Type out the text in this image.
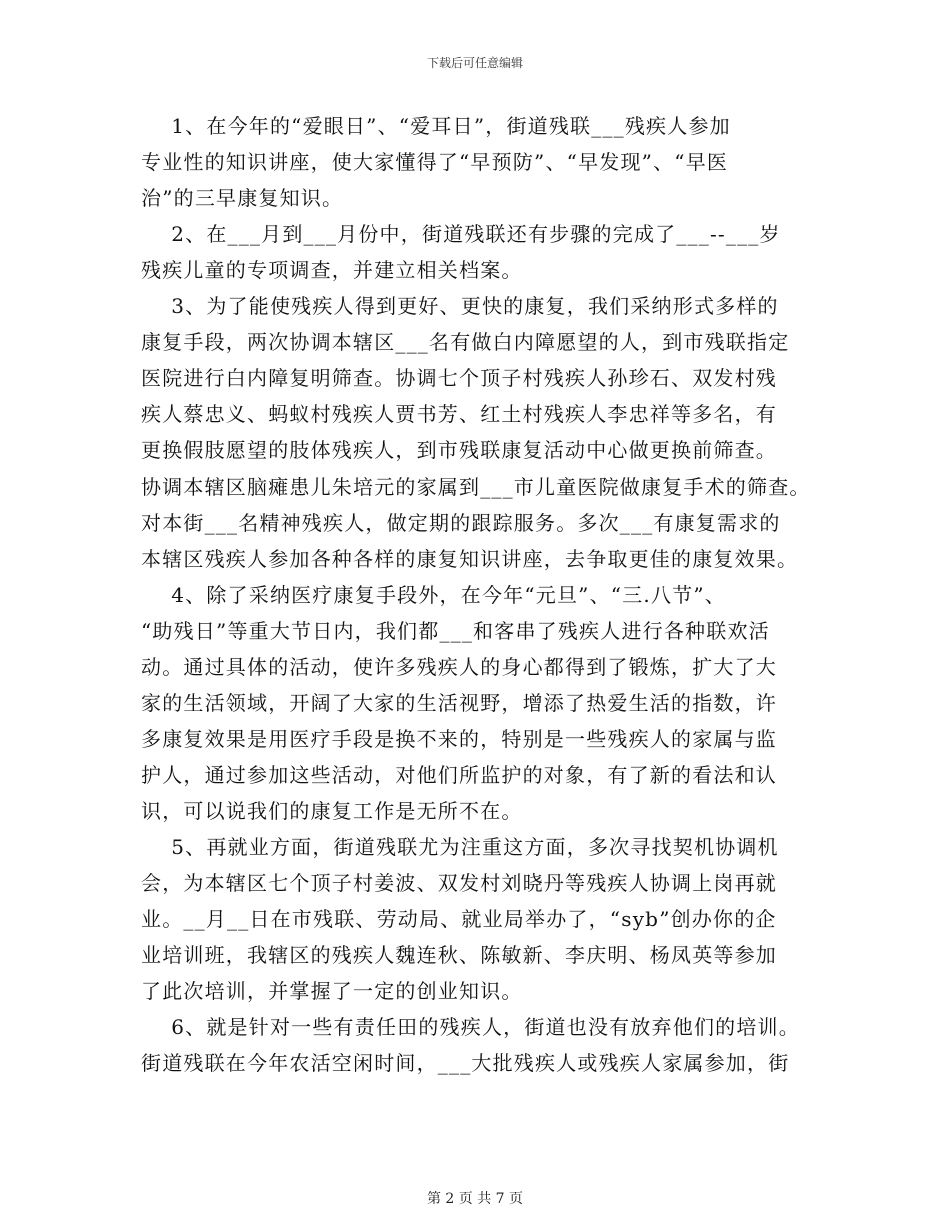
下载后可任意编辑
1、在今年的“爱眼日”、“爱耳日”，街道残联___残疾人参加
专业性的知识讲座，使大家懂得了“早预防”、“早发现”、“早医
治”的三早康复知识。
2、在___月到___月份中，街道残联还有步骤的完成了___--___岁
残疾儿童的专项调查，并建立相关档案。
3、为了能使残疾人得到更好、更快的康复，我们采纳形式多样的
康复手段，两次协调本辖区___名有做白内障愿望的人，到市残联指定
医院进行白内障复明筛查。协调七个顶子村残疾人孙珍石、双发村残
疾人蔡忠义、蚂蚁村残疾人贾书芳、红土村残疾人李忠祥等多名，有
更换假肢愿望的肢体残疾人，到市残联康复活动中心做更换前筛查。
协调本辖区脑瘫患儿朱培元的家属到___市儿童医院做康复手术的筛查。
对本街___名精神残疾人，做定期的跟踪服务。多次___有康复需求的
本辖区残疾人参加各种各样的康复知识讲座，去争取更佳的康复效果。
4、除了采纳医疗康复手段外，在今年“元旦”、“三.八节”、
“助残日”等重大节日内，我们都___和客串了残疾人进行各种联欢活
动。通过具体的活动，使许多残疾人的身心都得到了锻炼，扩大了大
家的生活领域，开阔了大家的生活视野，增添了热爱生活的指数，许
多康复效果是用医疗手段是换不来的，特别是一些残疾人的家属与监
护人，通过参加这些活动，对他们所监护的对象，有了新的看法和认
识，可以说我们的康复工作是无所不在。
5、再就业方面，街道残联尤为注重这方面，多次寻找契机协调机
会，为本辖区七个顶子村姜波、双发村刘晓丹等残疾人协调上岗再就
业。__月__日在市残联、劳动局、就业局举办了，“syb”创办你的企
业培训班，我辖区的残疾人魏连秋、陈敏新、李庆明、杨凤英等参加
了此次培训，并掌握了一定的创业知识。
6、就是针对一些有责任田的残疾人，街道也没有放弃他们的培训。
街道残联在今年农活空闲时间，___大批残疾人或残疾人家属参加，街
第 2 页 共 7 页
